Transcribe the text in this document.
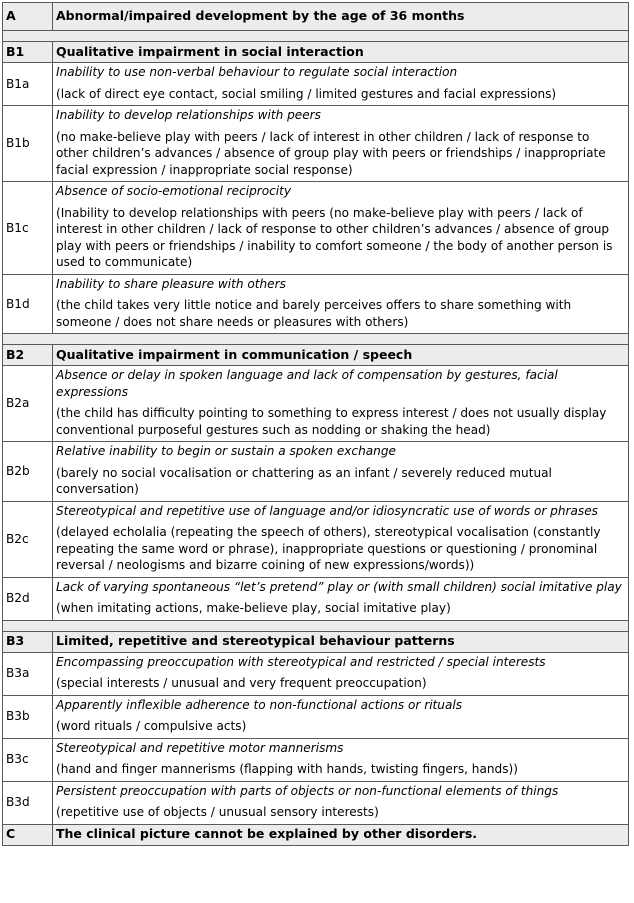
A	Abnormal/impaired development by the age of 36 months

B1	Qualitative impairment in social interaction
B1a	Inability to use non-verbal behaviour to regulate social interaction
(lack of direct eye contact, social smiling / limited gestures and facial expressions)

B1b	Inability to develop relationships with peers
(no make-believe play with peers / lack of interest in other children / lack of response to other children’s advances / absence of group play with peers or friendships / inappropriate facial expression / inappropriate social response)

B1c	Absence of socio-emotional reciprocity
(Inability to develop relationships with peers (no make-believe play with peers / lack of interest in other children / lack of response to other children’s advances / absence of group play with peers or friendships / inability to comfort someone / the body of another person is used to communicate)

B1d	Inability to share pleasure with others
(the child takes very little notice and barely perceives offers to share something with someone / does not share needs or pleasures with others)

B2	Qualitative impairment in communication / speech
B2a	Absence or delay in spoken language and lack of compensation by gestures, facial expressions
(the child has difficulty pointing to something to express interest / does not usually display conventional purposeful gestures such as nodding or shaking the head)

B2b	Relative inability to begin or sustain a spoken exchange
(barely no social vocalisation or chattering as an infant / severely reduced mutual conversation)

B2c	Stereotypical and repetitive use of language and/or idiosyncratic use of words or phrases
(delayed echolalia (repeating the speech of others), stereotypical vocalisation (constantly repeating the same word or phrase), inappropriate questions or questioning / pronominal reversal / neologisms and bizarre coining of new expressions/words))

B2d	Lack of varying spontaneous “let’s pretend” play or (with small children) social imitative play
(when imitating actions, make-believe play, social imitative play)

B3	Limited, repetitive and stereotypical behaviour patterns
B3a	Encompassing preoccupation with stereotypical and restricted / special interests
(special interests / unusual and very frequent preoccupation)

B3b	Apparently inflexible adherence to non-functional actions or rituals
(word rituals / compulsive acts)

B3c	Stereotypical and repetitive motor mannerisms
(hand and finger mannerisms (flapping with hands, twisting fingers, hands))

B3d	Persistent preoccupation with parts of objects or non-functional elements of things
(repetitive use of objects / unusual sensory interests)

C	The clinical picture cannot be explained by other disorders.
